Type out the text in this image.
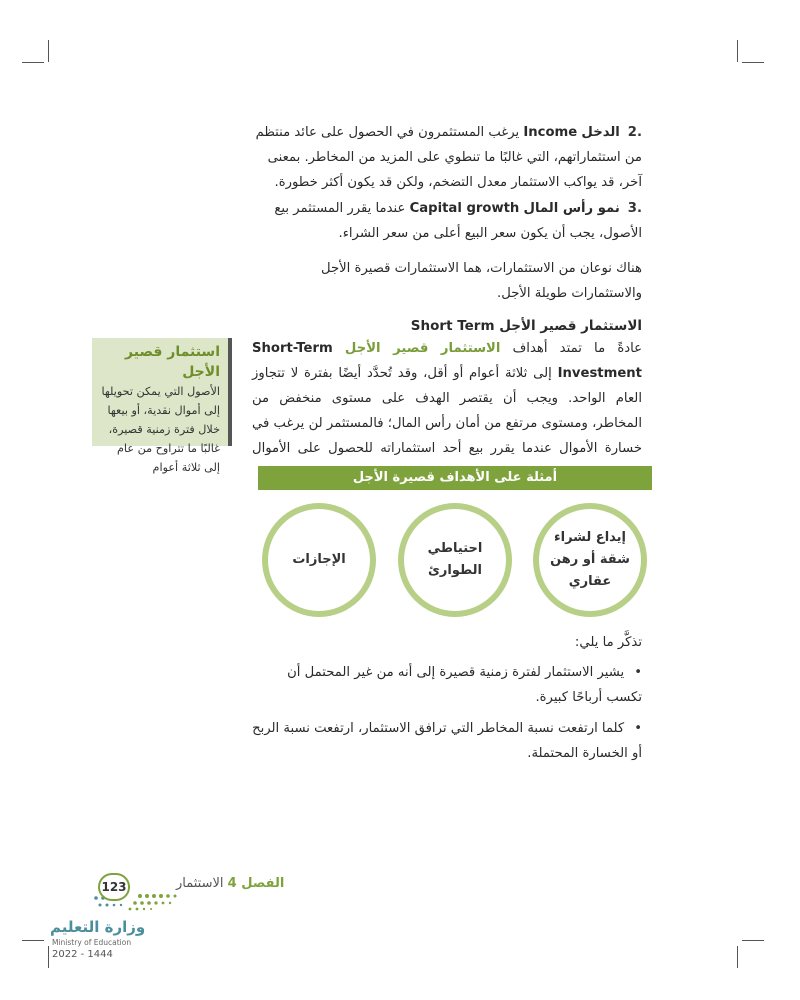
.2الدخل Income يرغب المستثمرون في الحصول على عائد منتظم من استثماراتهم، التي غالبًا ما تنطوي على المزيد من المخاطر. بمعنى آخر، قد يواكب الاستثمار معدل التضخم، ولكن قد يكون أكثر خطورة.
.3نمو رأس المال Capital growth عندما يقرر المستثمر بيع الأصول، يجب أن يكون سعر البيع أعلى من سعر الشراء.
هناك نوعان من الاستثمارات، هما الاستثمارات قصيرة الأجل والاستثمارات طويلة الأجل.
الاستثمار قصير الأجل Short Term
عادةً ما تمتد أهداف الاستثمار قصير الأجل Short-Term Investment إلى ثلاثة أعوام أو أقل، وقد تُحدَّد أيضًا بفترة لا تتجاوز العام الواحد. ويجب أن يقتصر الهدف على مستوى منخفض من المخاطر، ومستوى مرتفع من أمان رأس المال؛ فالمستثمر لن يرغب في خسارة الأموال عندما يقرر بيع أحد استثماراته للحصول على الأموال
استثمار قصير الأجل
الأصول التي يمكن تحويلها إلى أموال نقدية، أو بيعها خلال فترة زمنية قصيرة، غالبًا ما تتراوح من عام إلى ثلاثة أعوام
أمثلة على الأهداف قصيرة الأجل
إيداع لشراء شقة أو رهن عقاري
احتياطي الطوارئ
الإجازات
تذكَّر ما يلي:
• يشير الاستثمار لفترة زمنية قصيرة إلى أنه من غير المحتمل أن تكسب أرباحًا كبيرة.
• كلما ارتفعت نسبة المخاطر التي ترافق الاستثمار، ارتفعت نسبة الربح أو الخسارة المحتملة.
الفصل 4 الاستثمار
123
وزارة التعليم
Ministry of Education
2022 - 1444
